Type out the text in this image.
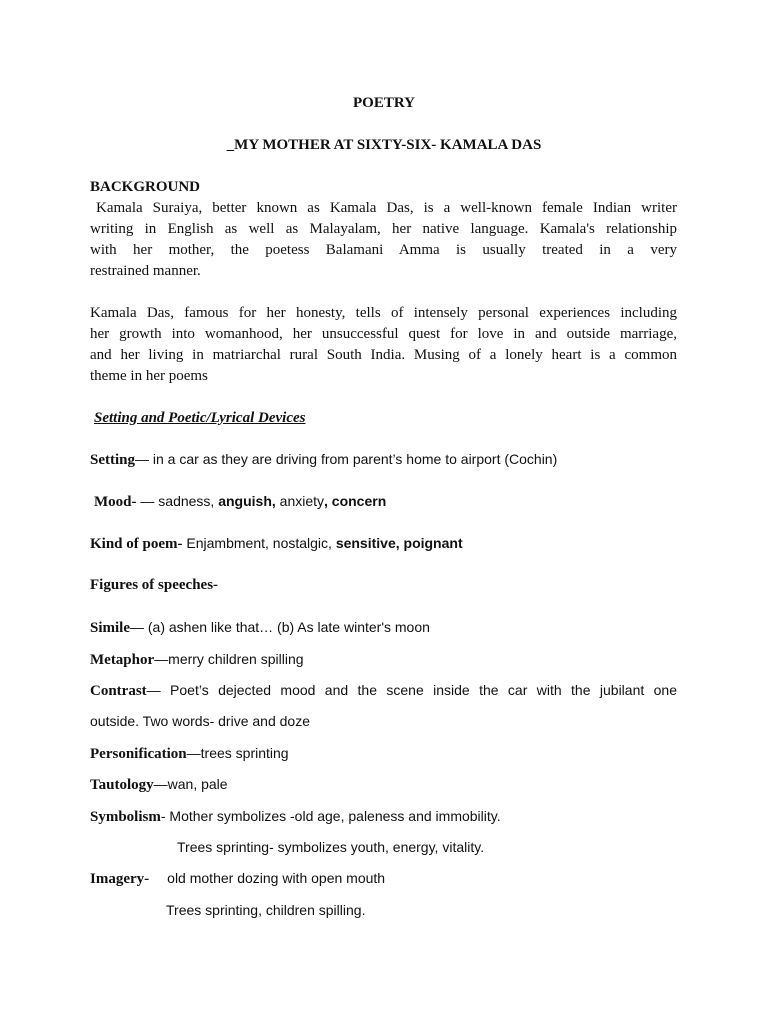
POETRY
_MY MOTHER AT SIXTY-SIX- KAMALA DAS
BACKGROUND
Kamala Suraiya, better known as Kamala Das, is a well-known female Indian writer
writing in English as well as Malayalam, her native language. Kamala's relationship
with her mother, the poetess Balamani Amma is usually treated in a very
restrained manner.
Kamala Das, famous for her honesty, tells of intensely personal experiences including
her growth into womanhood, her unsuccessful quest for love in and outside marriage,
and her living in matriarchal rural South India. Musing of a lonely heart is a common
theme in her poems
Setting and Poetic/Lyrical Devices
Setting— in a car as they are driving from parent’s home to airport (Cochin)
Mood- — sadness, anguish, anxiety, concern
Kind of poem- Enjambment, nostalgic, sensitive, poignant
Figures of speeches-
Simile— (a) ashen like that… (b) As late winter's moon
Metaphor—merry children spilling
Contrast— Poet’s dejected mood and the scene inside the car with the jubilant one
outside. Two words- drive and doze
Personification—trees sprinting
Tautology—wan, pale
Symbolism- Mother symbolizes -old age, paleness and immobility.
Trees sprinting- symbolizes youth, energy, vitality.
Imagery- old mother dozing with open mouth
Trees sprinting, children spilling.
